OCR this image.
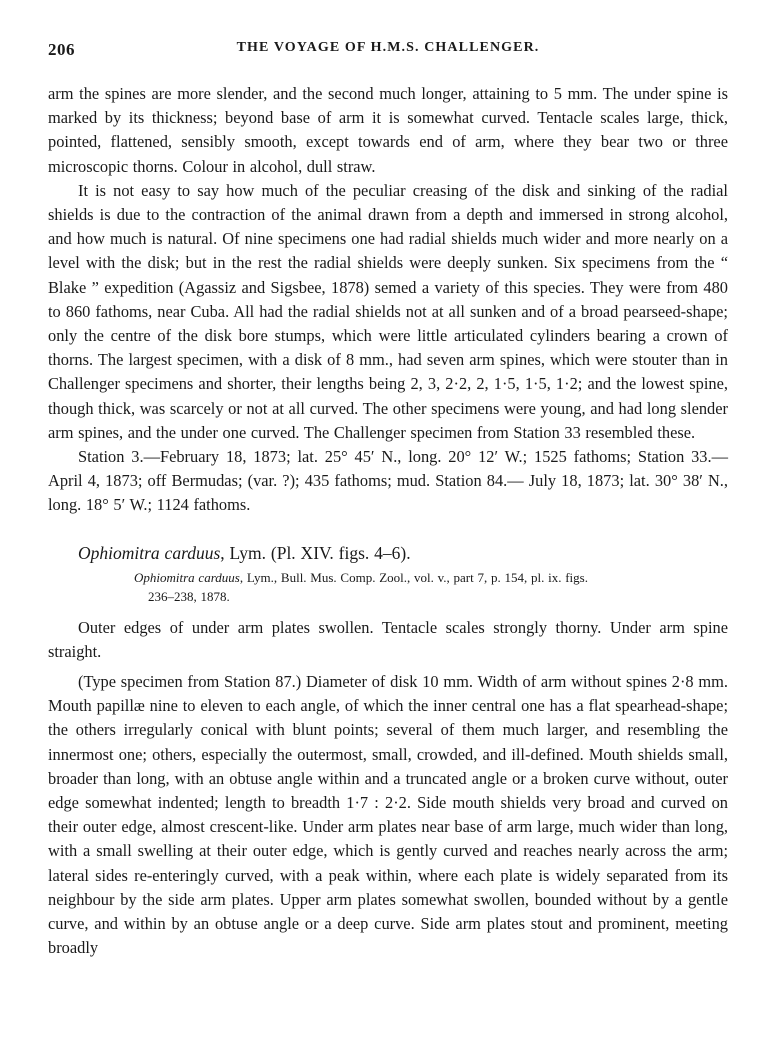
206	THE VOYAGE OF H.M.S. CHALLENGER.

arm the spines are more slender, and the second much longer, attaining to 5 mm. The under spine is marked by its thickness; beyond base of arm it is somewhat curved. Tentacle scales large, thick, pointed, flattened, sensibly smooth, except towards end of arm, where they bear two or three microscopic thorns. Colour in alcohol, dull straw.

It is not easy to say how much of the peculiar creasing of the disk and sinking of the radial shields is due to the contraction of the animal drawn from a depth and immersed in strong alcohol, and how much is natural. Of nine specimens one had radial shields much wider and more nearly on a level with the disk; but in the rest the radial shields were deeply sunken. Six specimens from the “ Blake ” expedition (Agassiz and Sigsbee, 1878) semed a variety of this species. They were from 480 to 860 fathoms, near Cuba. All had the radial shields not at all sunken and of a broad pearseed-shape; only the centre of the disk bore stumps, which were little articulated cylinders bearing a crown of thorns. The largest specimen, with a disk of 8 mm., had seven arm spines, which were stouter than in Challenger specimens and shorter, their lengths being 2, 3, 2·2, 2, 1·5, 1·5, 1·2; and the lowest spine, though thick, was scarcely or not at all curved. The other specimens were young, and had long slender arm spines, and the under one curved. The Challenger specimen from Station 33 resembled these.

Station 3.—February 18, 1873; lat. 25° 45′ N., long. 20° 12′ W.; 1525 fathoms; Station 33.—April 4, 1873; off Bermudas; (var. ?); 435 fathoms; mud. Station 84.— July 18, 1873; lat. 30° 38′ N., long. 18° 5′ W.; 1124 fathoms.

Ophiomitra carduus, Lym. (Pl. XIV. figs. 4–6).

Ophiomitra carduus, Lym., Bull. Mus. Comp. Zool., vol. v., part 7, p. 154, pl. ix. figs.

236–238, 1878.

Outer edges of under arm plates swollen. Tentacle scales strongly thorny. Under arm spine straight.

(Type specimen from Station 87.) Diameter of disk 10 mm. Width of arm without spines 2·8 mm. Mouth papillæ nine to eleven to each angle, of which the inner central one has a flat spearhead-shape; the others irregularly conical with blunt points; several of them much larger, and resembling the innermost one; others, especially the outermost, small, crowded, and ill-defined. Mouth shields small, broader than long, with an obtuse angle within and a truncated angle or a broken curve without, outer edge somewhat indented; length to breadth 1·7 : 2·2. Side mouth shields very broad and curved on their outer edge, almost crescent-like. Under arm plates near base of arm large, much wider than long, with a small swelling at their outer edge, which is gently curved and reaches nearly across the arm; lateral sides re-enteringly curved, with a peak within, where each plate is widely separated from its neighbour by the side arm plates. Upper arm plates somewhat swollen, bounded without by a gentle curve, and within by an obtuse angle or a deep curve. Side arm plates stout and prominent, meeting broadly
